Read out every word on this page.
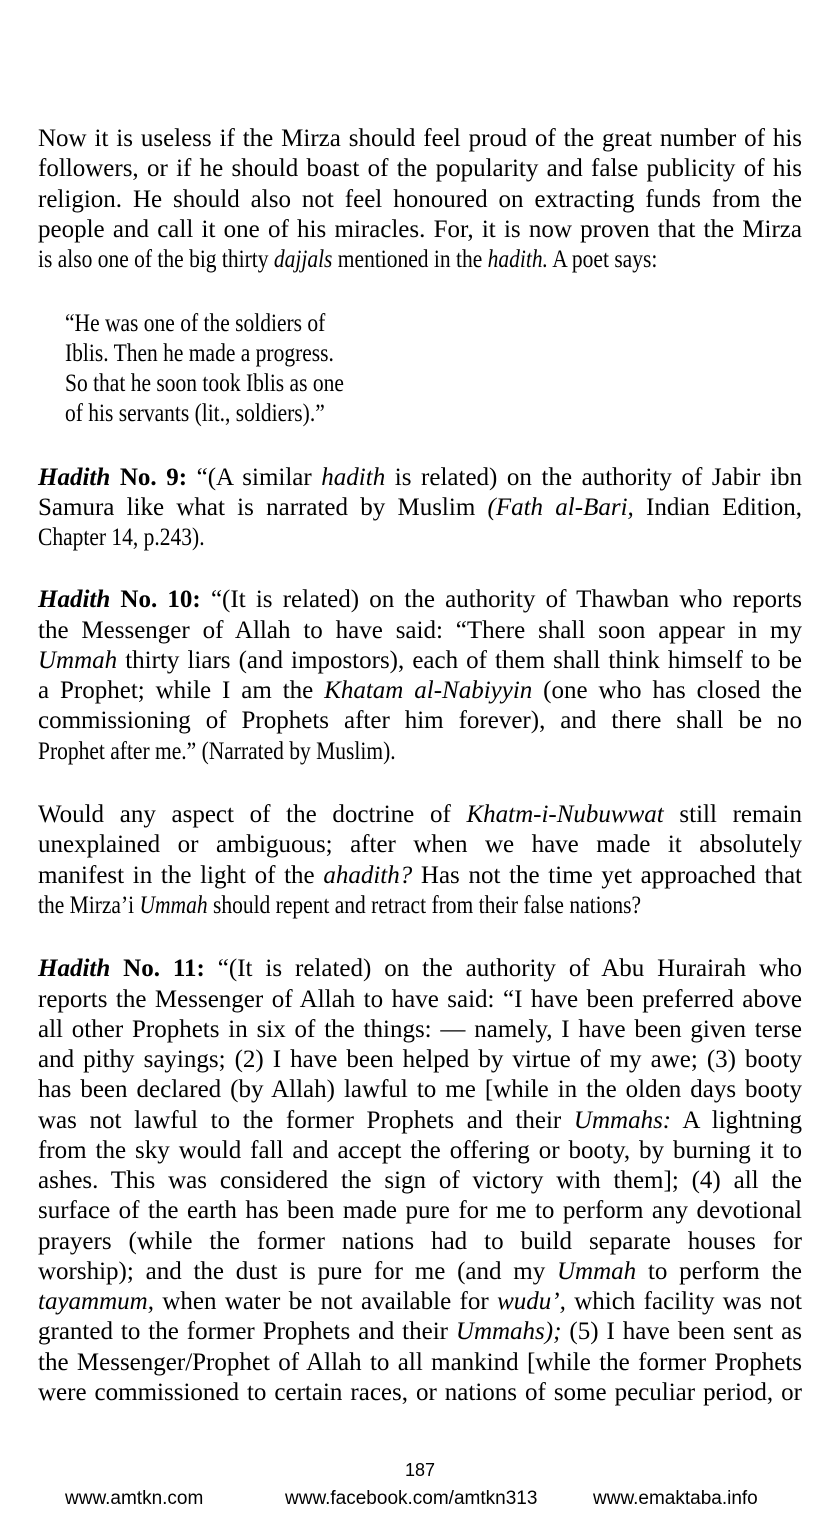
Now it is useless if the Mirza should feel proud of the great number of his
followers, or if he should boast of the popularity and false publicity of his
religion. He should also not feel honoured on extracting funds from the
people and call it one of his miracles. For, it is now proven that the Mirza
is also one of the big thirty dajjals mentioned in the hadith. A poet says:
“He was one of the soldiers of
Iblis. Then he made a progress.
So that he soon took Iblis as one
of his servants (lit., soldiers).”
Hadith No. 9: “(A similar hadith is related) on the authority of Jabir ibn
Samura like what is narrated by Muslim (Fath al-Bari, Indian Edition,
Chapter 14, p.243).
Hadith No. 10: “(It is related) on the authority of Thawban who reports
the Messenger of Allah to have said: “There shall soon appear in my
Ummah thirty liars (and impostors), each of them shall think himself to be
a Prophet; while I am the Khatam al-Nabiyyin (one who has closed the
commissioning of Prophets after him forever), and there shall be no
Prophet after me.” (Narrated by Muslim).
Would any aspect of the doctrine of Khatm-i-Nubuwwat still remain
unexplained or ambiguous; after when we have made it absolutely
manifest in the light of the ahadith? Has not the time yet approached that
the Mirza’i Ummah should repent and retract from their false nations?
Hadith No. 11: “(It is related) on the authority of Abu Hurairah who
reports the Messenger of Allah to have said: “I have been preferred above
all other Prophets in six of the things: — namely, I have been given terse
and pithy sayings; (2) I have been helped by virtue of my awe; (3) booty
has been declared (by Allah) lawful to me [while in the olden days booty
was not lawful to the former Prophets and their Ummahs: A lightning
from the sky would fall and accept the offering or booty, by burning it to
ashes. This was considered the sign of victory with them]; (4) all the
surface of the earth has been made pure for me to perform any devotional
prayers (while the former nations had to build separate houses for
worship); and the dust is pure for me (and my Ummah to perform the
tayammum, when water be not available for wudu’, which facility was not
granted to the former Prophets and their Ummahs); (5) I have been sent as
the Messenger/Prophet of Allah to all mankind [while the former Prophets
were commissioned to certain races, or nations of some peculiar period, or
187
www.amtkn.com	www.facebook.com/amtkn313	www.emaktaba.info
